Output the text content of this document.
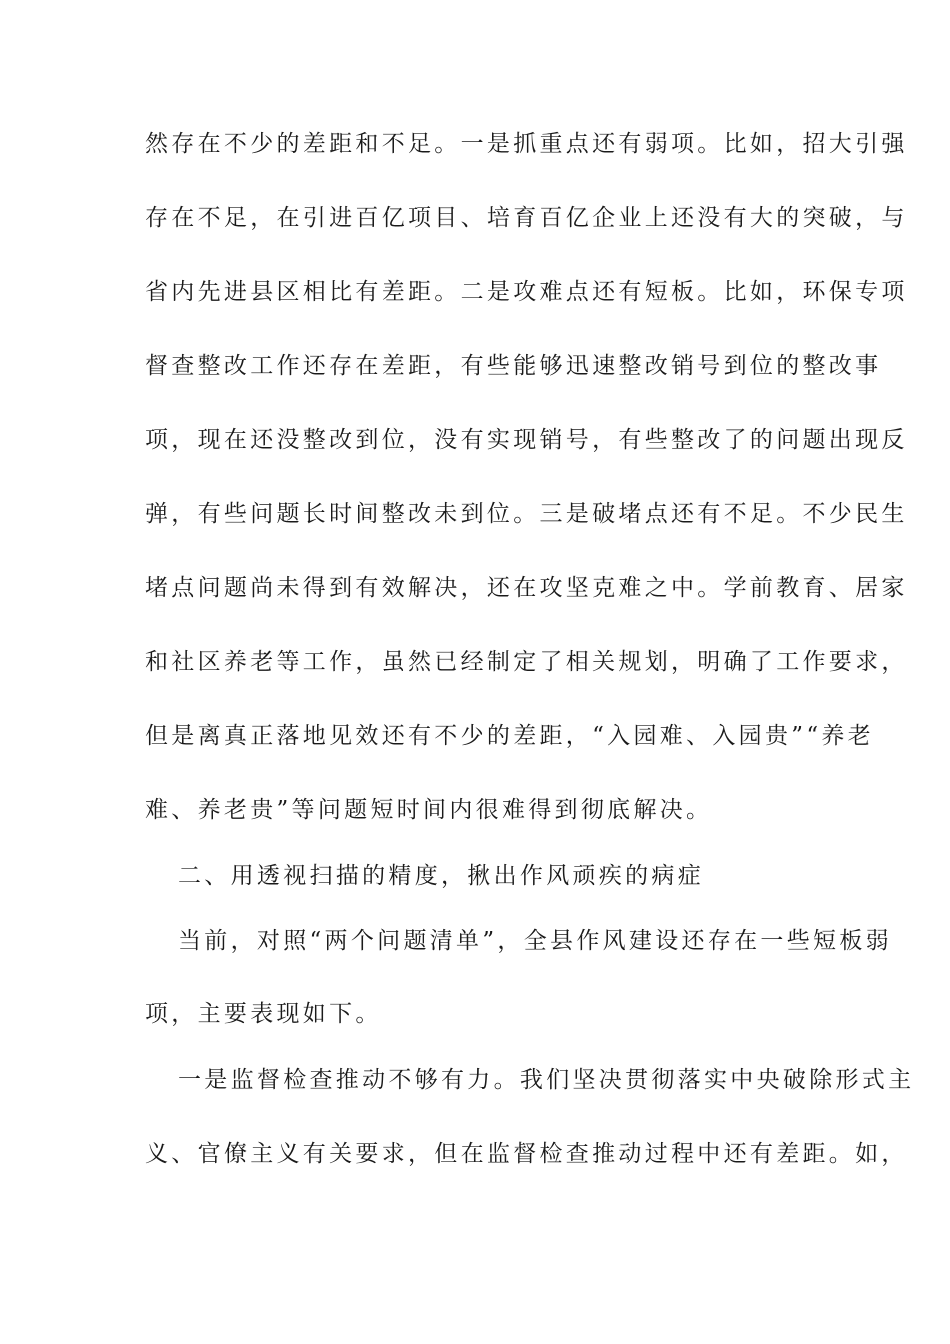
然存在不少的差距和不足。一是抓重点还有弱项。比如，招大引强
存在不足，在引进百亿项目、培育百亿企业上还没有大的突破，与
省内先进县区相比有差距。二是攻难点还有短板。比如，环保专项
督查整改工作还存在差距，有些能够迅速整改销号到位的整改事
项，现在还没整改到位，没有实现销号，有些整改了的问题出现反
弹，有些问题长时间整改未到位。三是破堵点还有不足。不少民生
堵点问题尚未得到有效解决，还在攻坚克难之中。学前教育、居家
和社区养老等工作，虽然已经制定了相关规划，明确了工作要求，
但是离真正落地见效还有不少的差距，“入园难、入园贵”“养老
难、养老贵”等问题短时间内很难得到彻底解决。
二、用透视扫描的精度，揪出作风顽疾的病症
当前，对照“两个问题清单”，全县作风建设还存在一些短板弱
项，主要表现如下。
一是监督检查推动不够有力。我们坚决贯彻落实中央破除形式主
义、官僚主义有关要求，但在监督检查推动过程中还有差距。如，
